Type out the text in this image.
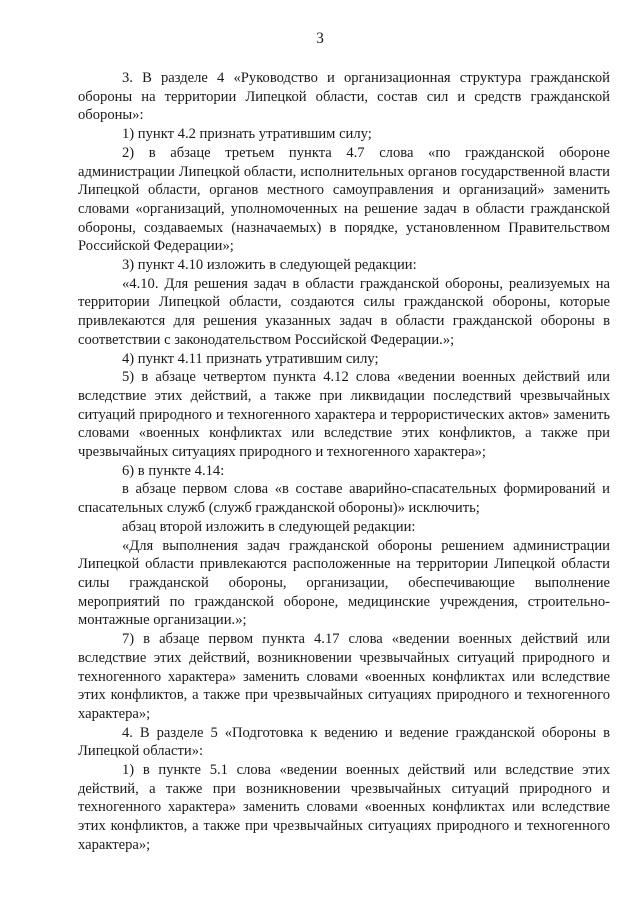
3

3. В разделе 4 «Руководство и организационная структура гражданской обороны на территории Липецкой области, состав сил и средств гражданской обороны»:

1) пункт 4.2 признать утратившим силу;

2) в абзаце третьем пункта 4.7 слова «по гражданской обороне администрации Липецкой области, исполнительных органов государственной власти Липецкой области, органов местного самоуправления и организаций» заменить словами «организаций, уполномоченных на решение задач в области гражданской обороны, создаваемых (назначаемых) в порядке, установленном Правительством Российской Федерации»;

3) пункт 4.10 изложить в следующей редакции:

«4.10. Для решения задач в области гражданской обороны, реализуемых на территории Липецкой области, создаются силы гражданской обороны, которые привлекаются для решения указанных задач в области гражданской обороны в соответствии с законодательством Российской Федерации.»;

4) пункт 4.11 признать утратившим силу;

5) в абзаце четвертом пункта 4.12 слова «ведении военных действий или вследствие этих действий, а также при ликвидации последствий чрезвычайных ситуаций природного и техногенного характера и террористических актов» заменить словами «военных конфликтах или вследствие этих конфликтов, а также при чрезвычайных ситуациях природного и техногенного характера»;

6) в пункте 4.14:

в абзаце первом слова «в составе аварийно-спасательных формирований и спасательных служб (служб гражданской обороны)» исключить;

абзац второй изложить в следующей редакции:

«Для выполнения задач гражданской обороны решением администрации Липецкой области привлекаются расположенные на территории Липецкой области силы гражданской обороны, организации, обеспечивающие выполнение мероприятий по гражданской обороне, медицинские учреждения, строительно-монтажные организации.»;

7) в абзаце первом пункта 4.17 слова «ведении военных действий или вследствие этих действий, возникновении чрезвычайных ситуаций природного и техногенного характера» заменить словами «военных конфликтах или вследствие этих конфликтов, а также при чрезвычайных ситуациях природного и техногенного характера»;

4. В разделе 5 «Подготовка к ведению и ведение гражданской обороны в Липецкой области»:

1) в пункте 5.1 слова «ведении военных действий или вследствие этих действий, а также при возникновении чрезвычайных ситуаций природного и техногенного характера» заменить словами «военных конфликтах или вследствие этих конфликтов, а также при чрезвычайных ситуациях природного и техногенного характера»;
